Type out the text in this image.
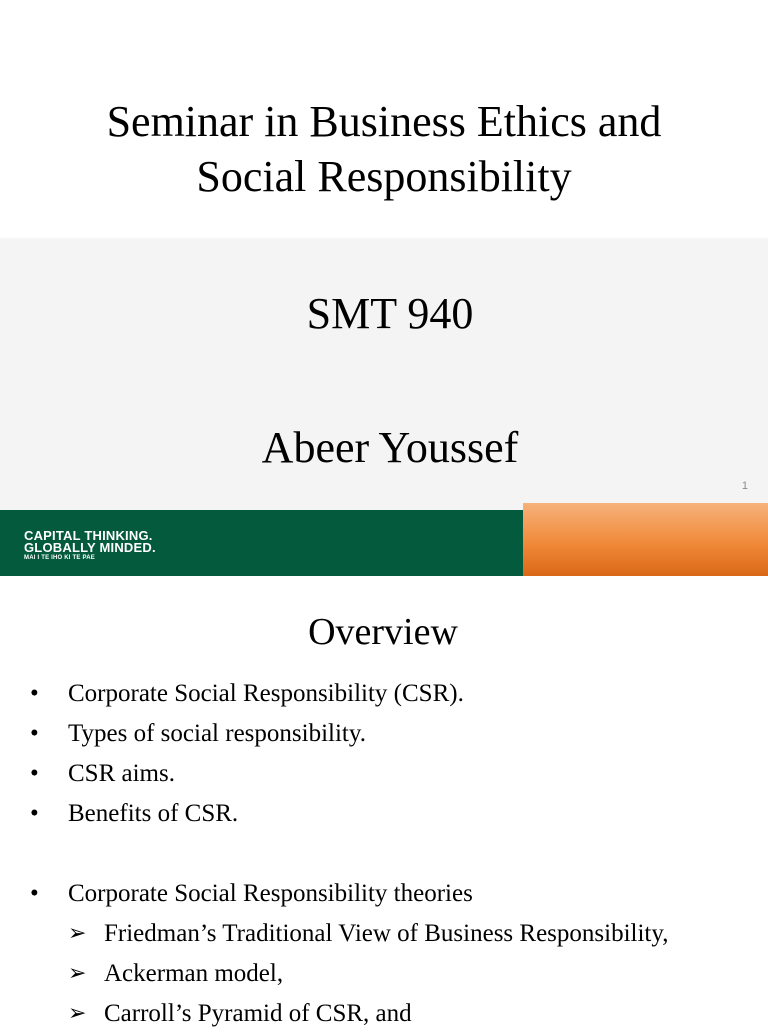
Seminar in Business Ethics and
Social Responsibility
SMT 940
Abeer Youssef
1
CAPITAL THINKING.
GLOBALLY MINDED.
MAI I TE IHO KI TE PAE
Overview
• Corporate Social Responsibility (CSR).
• Types of social responsibility.
• CSR aims.
• Benefits of CSR.
• Corporate Social Responsibility theories
➢ Friedman’s Traditional View of Business Responsibility,
➢ Ackerman model,
➢ Carroll’s Pyramid of CSR, and
